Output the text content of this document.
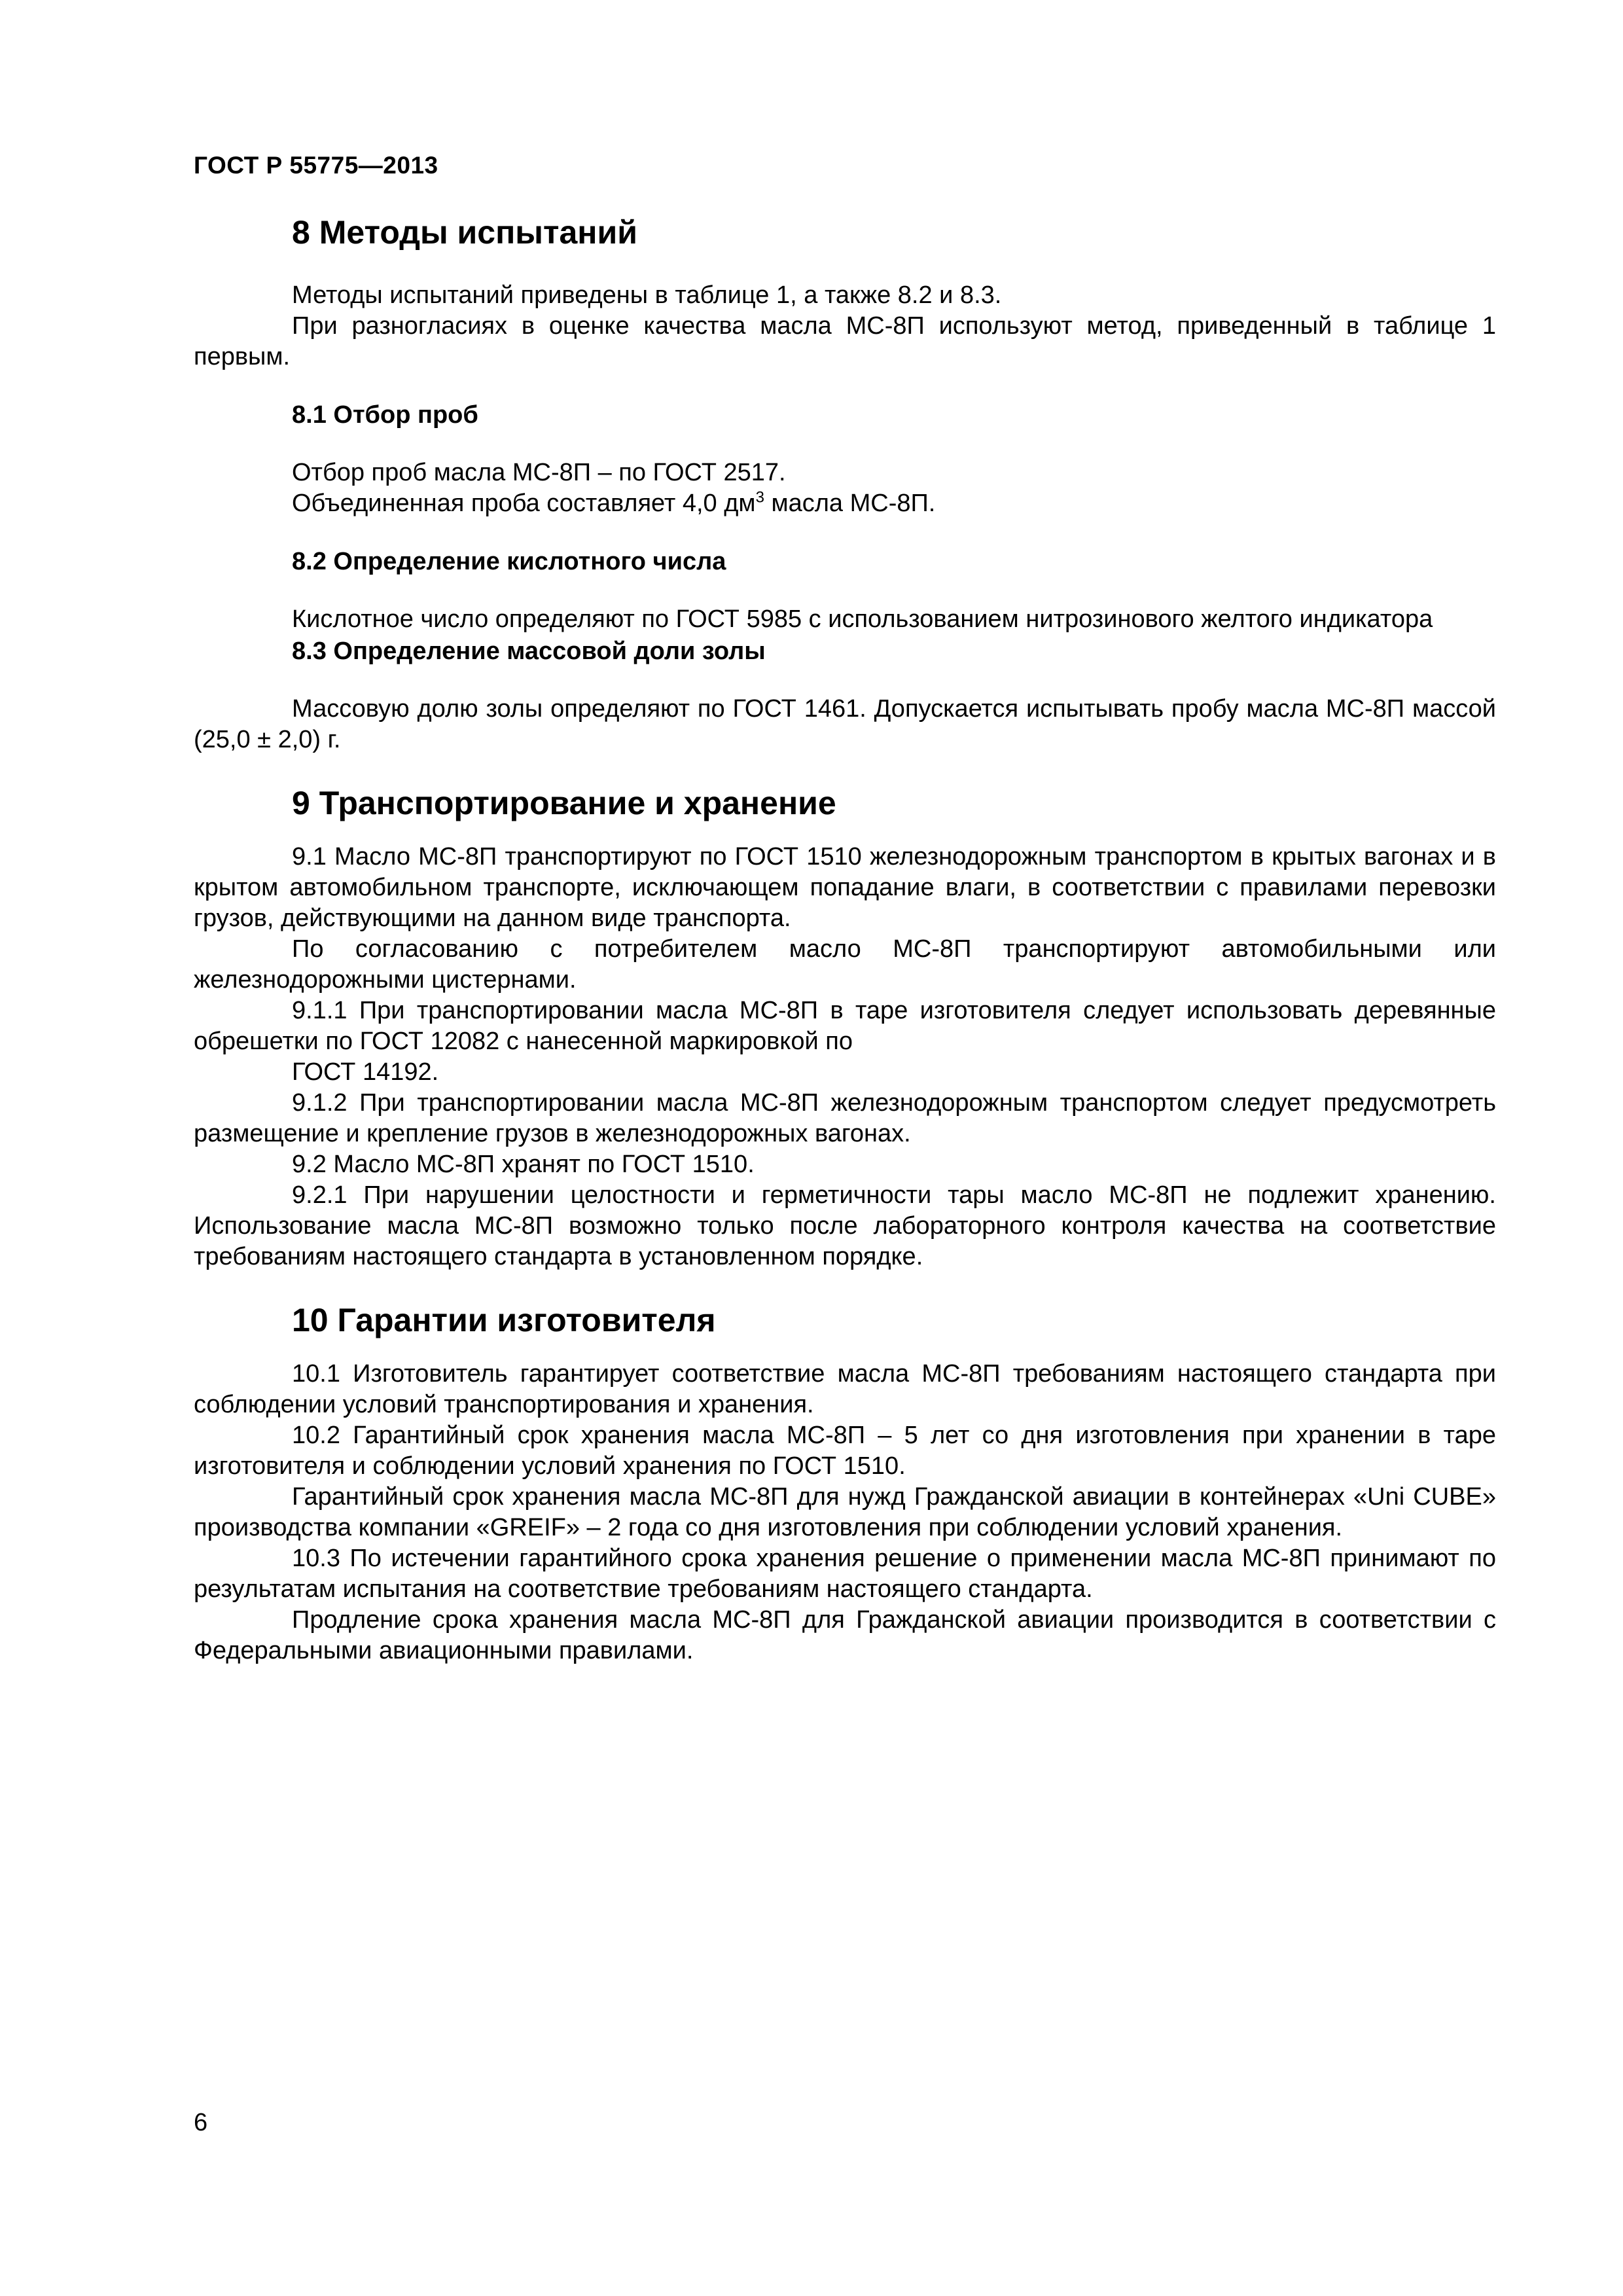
ГОСТ Р 55775—2013
8 Методы испытаний

Методы испытаний приведены в таблице 1, а также 8.2 и 8.3.

При разногласиях в оценке качества масла МС-8П используют метод, приведенный в таблице 1 первым.

8.1 Отбор проб

Отбор проб масла МС-8П – по ГОСТ 2517.

Объединенная проба составляет 4,0 $дм^3$ масла МС-8П.

8.2 Определение кислотного числа

Кислотное число определяют по ГОСТ 5985 с использованием нитрозинового желтого индикатора

8.3 Определение массовой доли золы

Массовую долю золы определяют по ГОСТ 1461. Допускается испытывать пробу масла МС-8П массой (25,0 ± 2,0) г.

9 Транспортирование и хранение

9.1 Масло МС-8П транспортируют по ГОСТ 1510 железнодорожным транспортом в крытых вагонах и в крытом автомобильном транспорте, исключающем попадание влаги, в соответствии с правилами перевозки грузов, действующими на данном виде транспорта.

По согласованию с потребителем масло МС-8П транспортируют автомобильными или железнодорожными цистернами.

9.1.1 При транспортировании масла МС-8П в таре изготовителя следует использовать деревянные обрешетки по ГОСТ 12082 с нанесенной маркировкой по

ГОСТ 14192.

9.1.2 При транспортировании масла МС-8П железнодорожным транспортом следует предусмотреть размещение и крепление грузов в железнодорожных вагонах.

9.2 Масло МС-8П хранят по ГОСТ 1510.

9.2.1 При нарушении целостности и герметичности тары масло МС-8П не подлежит хранению. Использование масла МС-8П возможно только после лабораторного контроля качества на соответствие требованиям настоящего стандарта в установленном порядке.

10 Гарантии изготовителя

10.1 Изготовитель гарантирует соответствие масла МС-8П требованиям настоящего стандарта при соблюдении условий транспортирования и хранения.

10.2 Гарантийный срок хранения масла МС-8П – 5 лет со дня изготовления при хранении в таре изготовителя и соблюдении условий хранения по ГОСТ 1510.

Гарантийный срок хранения масла МС-8П для нужд Гражданской авиации в контейнерах «Uni CUBE» производства компании «GREIF» – 2 года со дня изготовления при соблюдении условий хранения.

10.3 По истечении гарантийного срока хранения решение о применении масла МС-8П принимают по результатам испытания на соответствие требованиям настоящего стандарта.

Продление срока хранения масла МС-8П для Гражданской авиации производится в соответствии с Федеральными авиационными правилами.

6
